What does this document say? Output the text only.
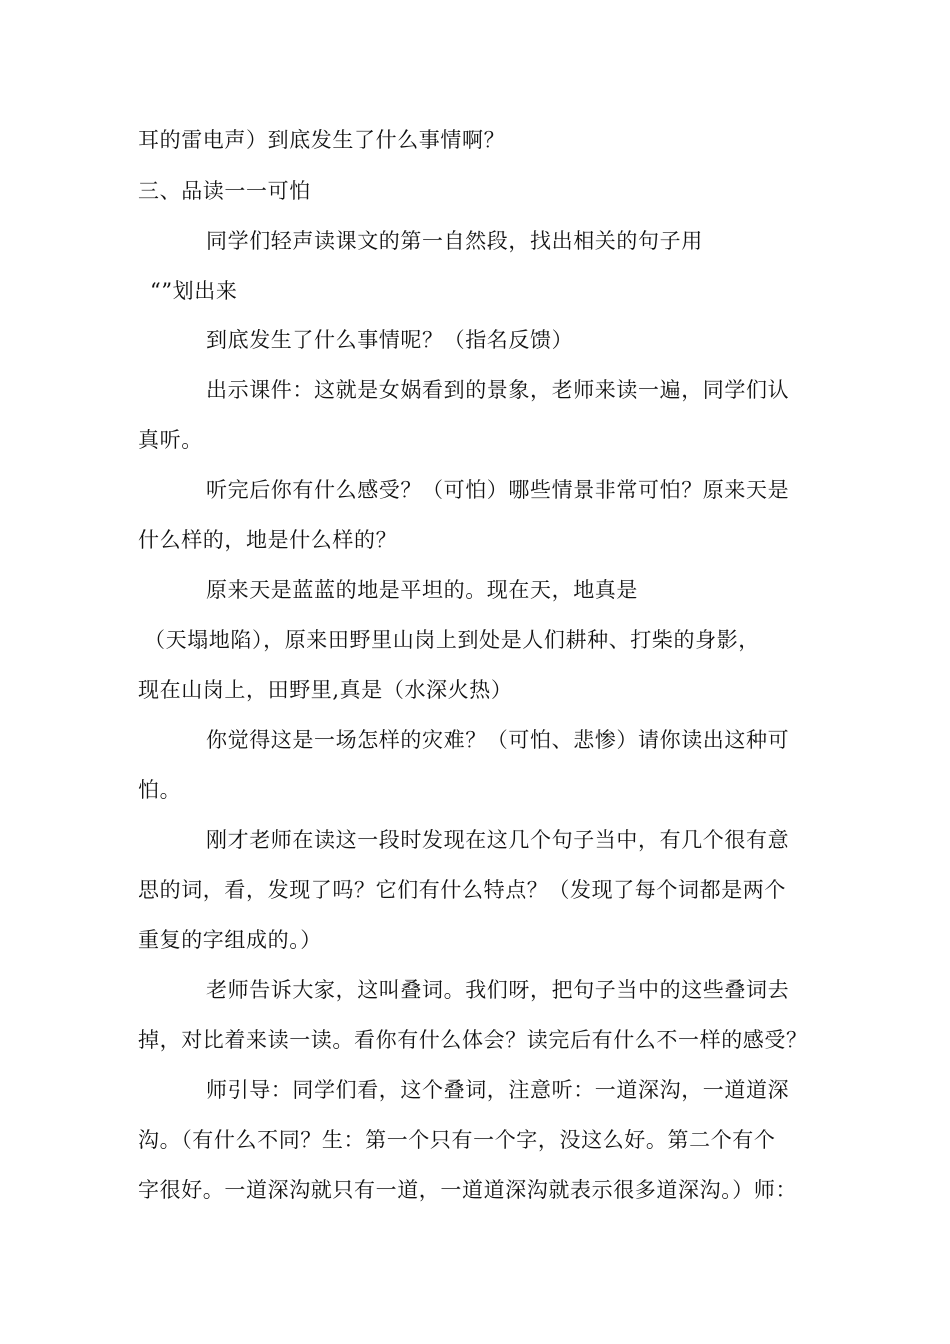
耳的雷电声）到底发生了什么事情啊？
三、品读一一可怕
同学们轻声读课文的第一自然段，找出相关的句子用
“”划出来
到底发生了什么事情呢？（指名反馈）
出示课件：这就是女娲看到的景象，老师来读一遍，同学们认
真听。
听完后你有什么感受？（可怕）哪些情景非常可怕？原来天是
什么样的，地是什么样的？
原来天是蓝蓝的地是平坦的。现在天，地真是
（天塌地陷），原来田野里山岗上到处是人们耕种、打柴的身影，
现在山岗上，田野里,真是（水深火热）
你觉得这是一场怎样的灾难？（可怕、悲惨）请你读出这种可
怕。
刚才老师在读这一段时发现在这几个句子当中，有几个很有意
思的词，看，发现了吗？它们有什么特点？（发现了每个词都是两个
重复的字组成的。）
老师告诉大家，这叫叠词。我们呀，把句子当中的这些叠词去
掉，对比着来读一读。看你有什么体会？读完后有什么不一样的感受？
师引导：同学们看，这个叠词，注意听：一道深沟，一道道深
沟。（有什么不同？生：第一个只有一个字，没这么好。第二个有个
字很好。一道深沟就只有一道，一道道深沟就表示很多道深沟。）师：
